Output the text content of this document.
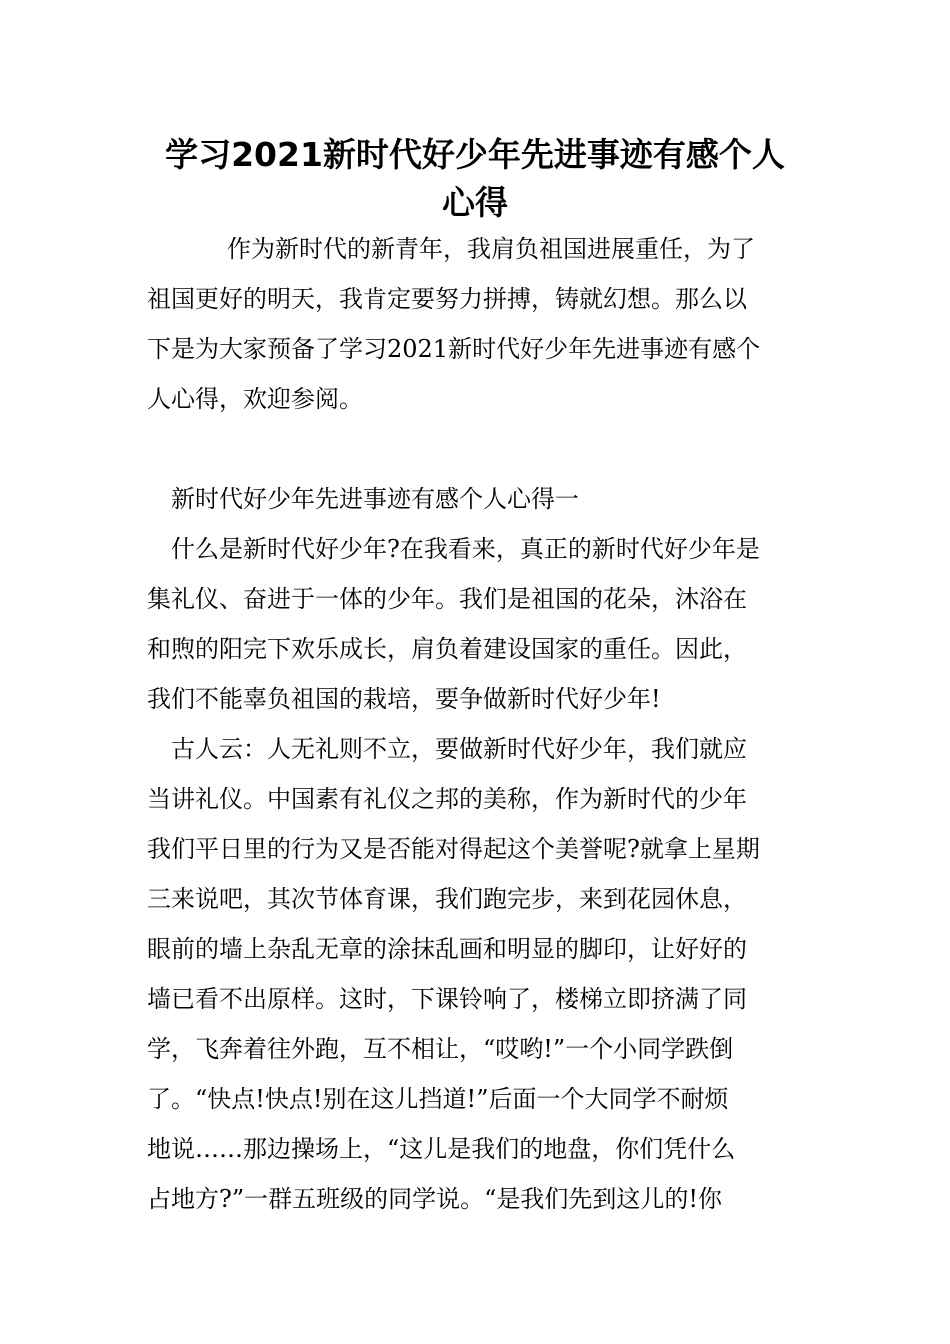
学习2021新时代好少年先进事迹有感个人
心得
作为新时代的新青年，我肩负祖国进展重任，为了
祖国更好的明天，我肯定要努力拼搏，铸就幻想。那么以
下是为大家预备了学习2021新时代好少年先进事迹有感个
人心得，欢迎参阅。
新时代好少年先进事迹有感个人心得一
什么是新时代好少年?在我看来，真正的新时代好少年是
集礼仪、奋进于一体的少年。我们是祖国的花朵，沐浴在
和煦的阳完下欢乐成长，肩负着建设国家的重任。因此，
我们不能辜负祖国的栽培，要争做新时代好少年!
古人云：人无礼则不立，要做新时代好少年，我们就应
当讲礼仪。中国素有礼仪之邦的美称，作为新时代的少年
我们平日里的行为又是否能对得起这个美誉呢?就拿上星期
三来说吧，其次节体育课，我们跑完步，来到花园休息，
眼前的墙上杂乱无章的涂抹乱画和明显的脚印，让好好的
墙已看不出原样。这时，下课铃响了，楼梯立即挤满了同
学，飞奔着往外跑，互不相让，“哎哟!”一个小同学跌倒
了。“快点!快点!别在这儿挡道!”后面一个大同学不耐烦
地说……那边操场上，“这儿是我们的地盘，你们凭什么
占地方?”一群五班级的同学说。“是我们先到这儿的!你
